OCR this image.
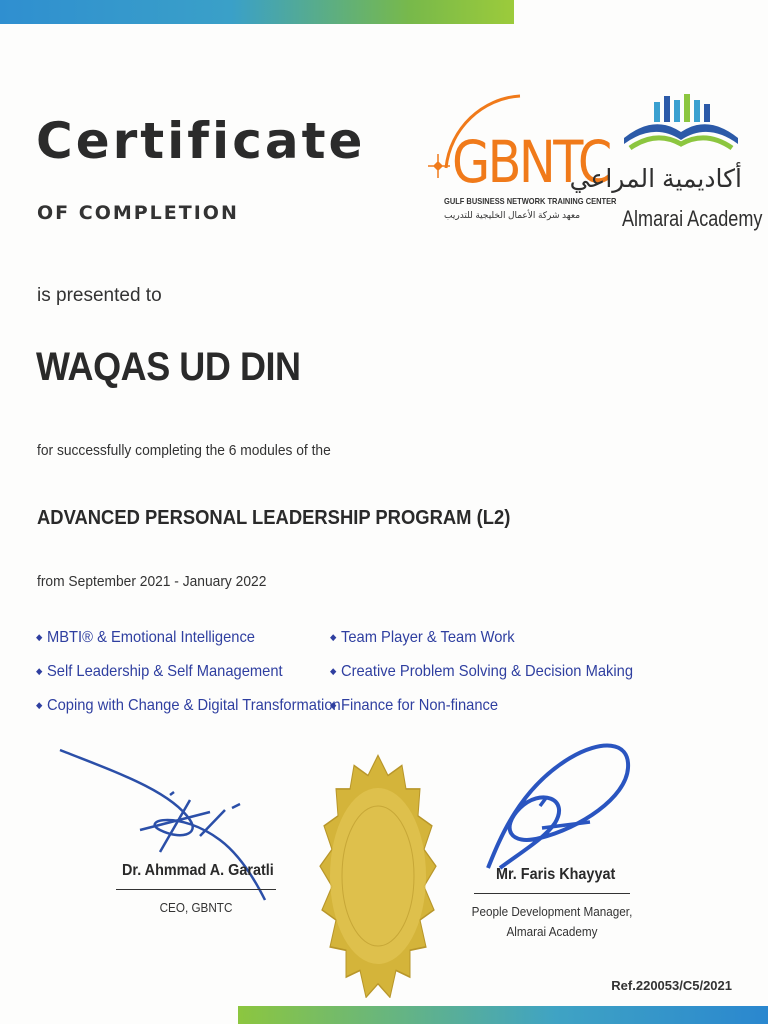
Certificate
OF COMPLETION
GBNTC
GULF BUSINESS NETWORK TRAINING CENTER
معهد شركة الأعمال الخليجية للتدريب
أكاديمية المراعي
Almarai Academy
is presented to
WAQAS UD DIN
for successfully completing the 6 modules of the
ADVANCED PERSONAL LEADERSHIP PROGRAM (L2)
from September 2021 - January 2022
◆ MBTI® & Emotional Intelligence
◆ Self Leadership & Self Management
◆ Coping with Change & Digital Transformation
◆ Team Player & Team Work
◆ Creative Problem Solving & Decision Making
◆ Finance for Non-finance
Dr. Ahmmad A. Garatli
CEO, GBNTC
Mr. Faris Khayyat
People Development Manager,
Almarai Academy
Ref.220053/C5/2021
